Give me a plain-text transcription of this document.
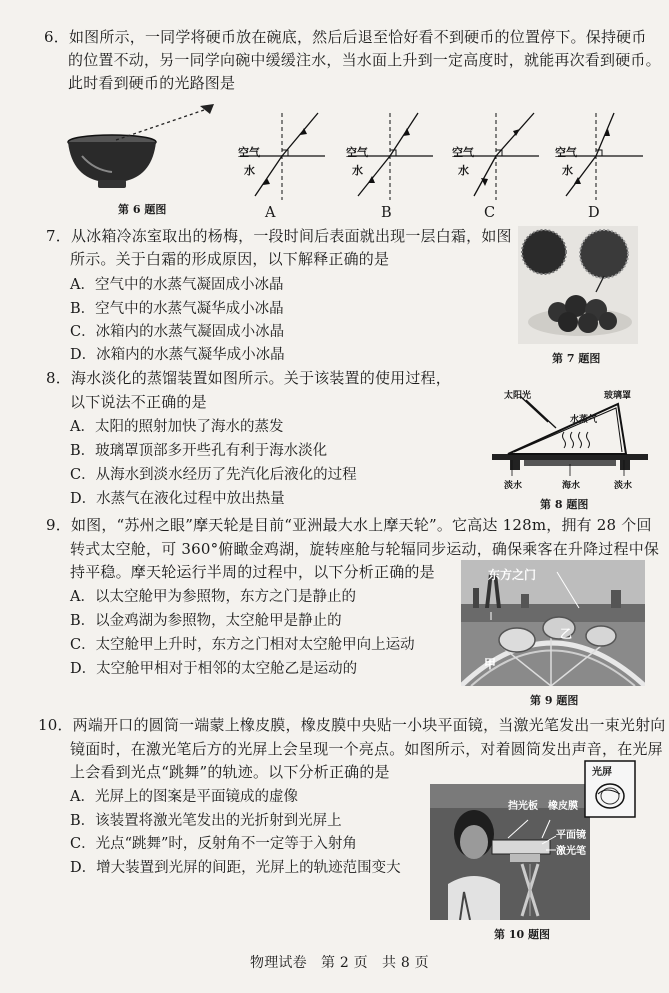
6．如图所示，一同学将硬币放在碗底，然后后退至恰好看不到硬币的位置停下。保持硬币
的位置不动，另一同学向碗中缓缓注水，当水面上升到一定高度时，就能再次看到硬币。
此时看到硬币的光路图是
第 6 题图
空气
水
A
空气
水
B
空气
水
C
空气
水
D
7．从冰箱冷冻室取出的杨梅，一段时间后表面就出现一层白霜，如图
所示。关于白霜的形成原因，以下解释正确的是
A．空气中的水蒸气凝固成小冰晶
B．空气中的水蒸气凝华成小冰晶
C．冰箱内的水蒸气凝固成小冰晶
D．冰箱内的水蒸气凝华成小冰晶	第 7 题图
8．海水淡化的蒸馏装置如图所示。关于该装置的使用过程，
以下说法不正确的是
A．太阳的照射加快了海水的蒸发
B．玻璃罩顶部多开些孔有利于海水淡化
C．从海水到淡水经历了先汽化后液化的过程
D．水蒸气在液化过程中放出热量
太阳光	玻璃罩
水蒸气
淡水	海水	淡水
第 8 题图
9．如图，“苏州之眼”摩天轮是目前“亚洲最大水上摩天轮”。它高达 128m，拥有 28 个回
转式太空舱，可 360°俯瞰金鸡湖，旋转座舱与轮辐同步运动，确保乘客在升降过程中保
持平稳。摩天轮运行半周的过程中，以下分析正确的是
A．以太空舱甲为参照物，东方之门是静止的
B．以金鸡湖为参照物，太空舱甲是静止的
C．太空舱甲上升时，东方之门相对太空舱甲向上运动
D．太空舱甲相对于相邻的太空舱乙是运动的
东方之门
甲
乙
第 9 题图
10．两端开口的圆筒一端蒙上橡皮膜，橡皮膜中央贴一小块平面镜，当激光笔发出一束光射向
镜面时，在激光笔后方的光屏上会呈现一个亮点。如图所示，对着圆筒发出声音，在光屏
上会看到光点“跳舞”的轨迹。以下分析正确的是
A．光屏上的图案是平面镜成的虚像
B．该装置将激光笔发出的光折射到光屏上
C．光点“跳舞”时，反射角不一定等于入射角
D．增大装置到光屏的间距，光屏上的轨迹范围变大
光屏
挡光板 橡皮膜
平面镜
激光笔
第 10 题图
物理试卷　第 2 页　共 8 页
